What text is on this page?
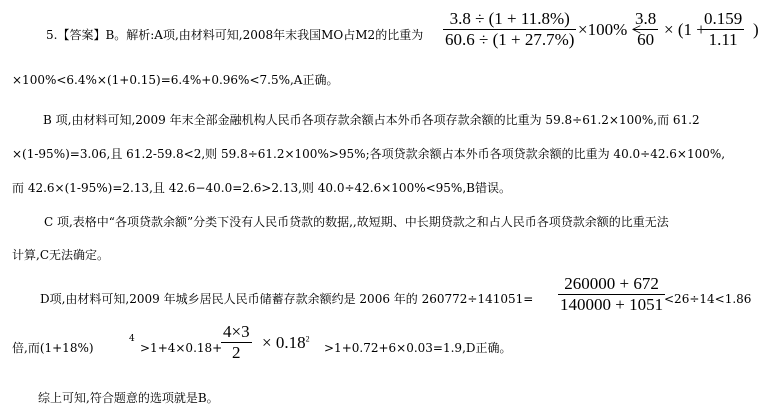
5.【答案】B。解析:A项,由材料可知,2008年末我国MO占M2的比重为 $\frac{3.8 \div (1 + 11.8\%)}{60.6 \div (1 + 27.7\%)} \times 100\%$ <
$\frac{3.8}{60} \times (1$ +
$\frac{0.159}{1.11}$ )
×100%<6.4%×(1+0.15)=6.4%+0.96%<7.5%,A正确。
B 项,由材料可知,2009 年末全部金融机构人民币各项存款余额占本外币各项存款余额的比重为 59.8÷61.2×100%,而 61.2
×(1-95%)=3.06,且 61.2-59.8<2,则 59.8÷61.2×100%>95%;各项贷款余额占本外币各项贷款余额的比重为 40.0÷42.6×100%,
而 42.6×(1-95%)=2.13,且 42.6−40.0=2.6>2.13,则 40.0÷42.6×100%<95%,B错误。
C 项,表格中“各项贷款余额”分类下没有人民币贷款的数据,,故短期、中长期贷款之和占人民币各项贷款余额的比重无法
计算,C无法确定。
D项,由材料可知,2009 年城乡居民人民币储蓄存款余额约是 2006 年的 $260772\div 141051= \frac{260000 + 672}{140000 + 1051}$
<26÷14<1.86
倍,而(1+18%)
4
>1+4×0.18+
$\frac{4\times 3}{2} \times 0.18^2$
>1+0.72+6×0.03=1.9,D正确。
综上可知,符合题意的选项就是B。
